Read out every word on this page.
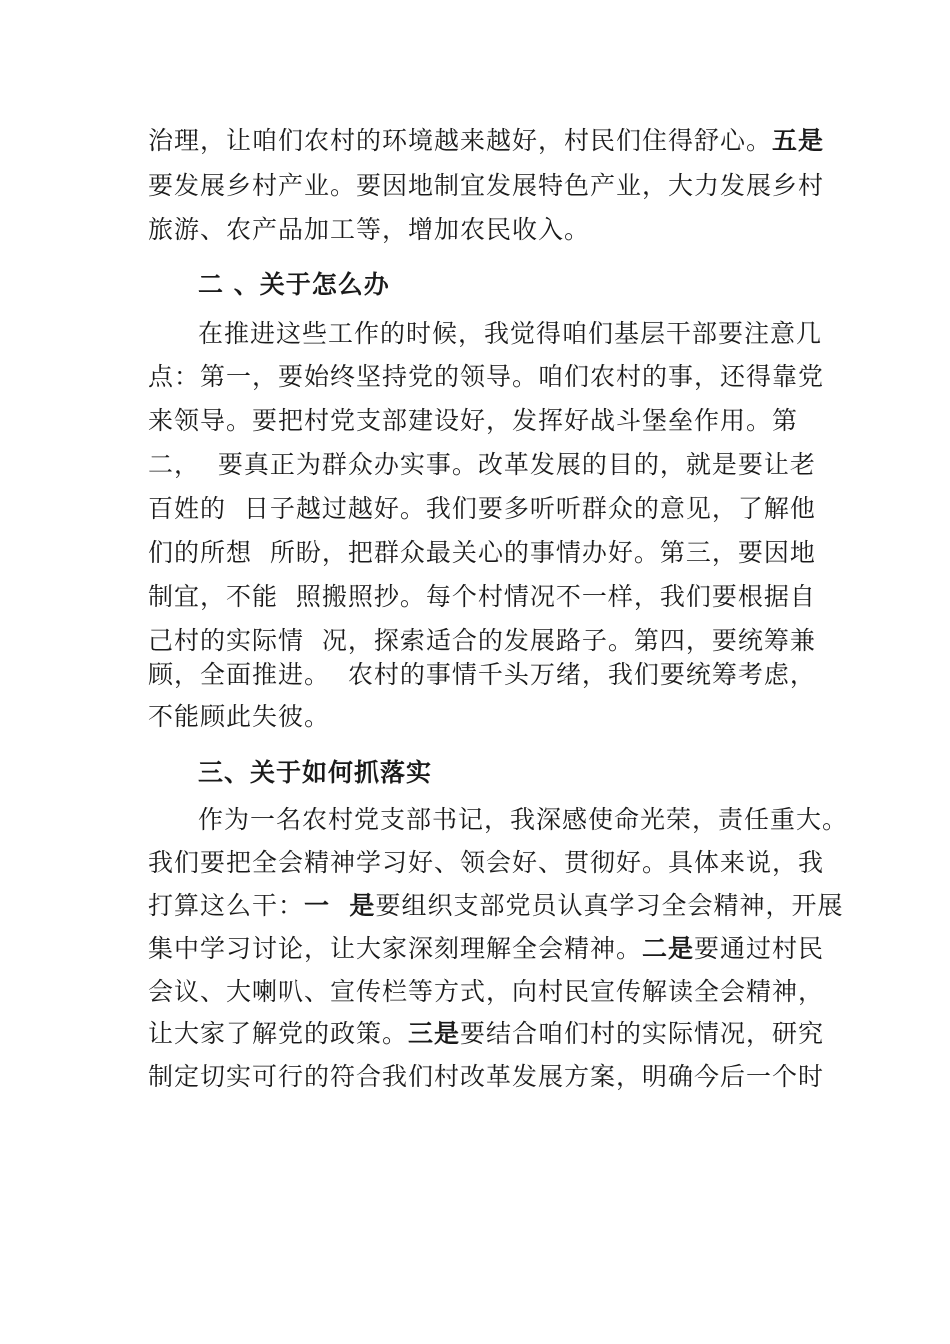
治理，让咱们农村的环境越来越好，村民们住得舒心。五是
要发展乡村产业。要因地制宜发展特色产业，大力发展乡村
旅游、农产品加工等，增加农民收入。
二 、关于怎么办
在推进这些工作的时候，我觉得咱们基层干部要注意几
点：第一，要始终坚持党的领导。咱们农村的事，还得靠党
来领导。要把村党支部建设好，发挥好战斗堡垒作用。第
二，  要真正为群众办实事。改革发展的目的，就是要让老
百姓的  日子越过越好。我们要多听听群众的意见，了解他
们的所想  所盼，把群众最关心的事情办好。第三，要因地
制宜，不能  照搬照抄。每个村情况不一样，我们要根据自
己村的实际情  况，探索适合的发展路子。第四，要统筹兼
顾，全面推进。  农村的事情千头万绪，我们要统筹考虑，
不能顾此失彼。
三、关于如何抓落实
作为一名农村党支部书记，我深感使命光荣，责任重大。
我们要把全会精神学习好、领会好、贯彻好。具体来说，我
打算这么干：一  是要组织支部党员认真学习全会精神，开展
集中学习讨论，让大家深刻理解全会精神。二是要通过村民
会议、大喇叭、宣传栏等方式，向村民宣传解读全会精神，
让大家了解党的政策。三是要结合咱们村的实际情况，研究
制定切实可行的符合我们村改革发展方案，明确今后一个时
